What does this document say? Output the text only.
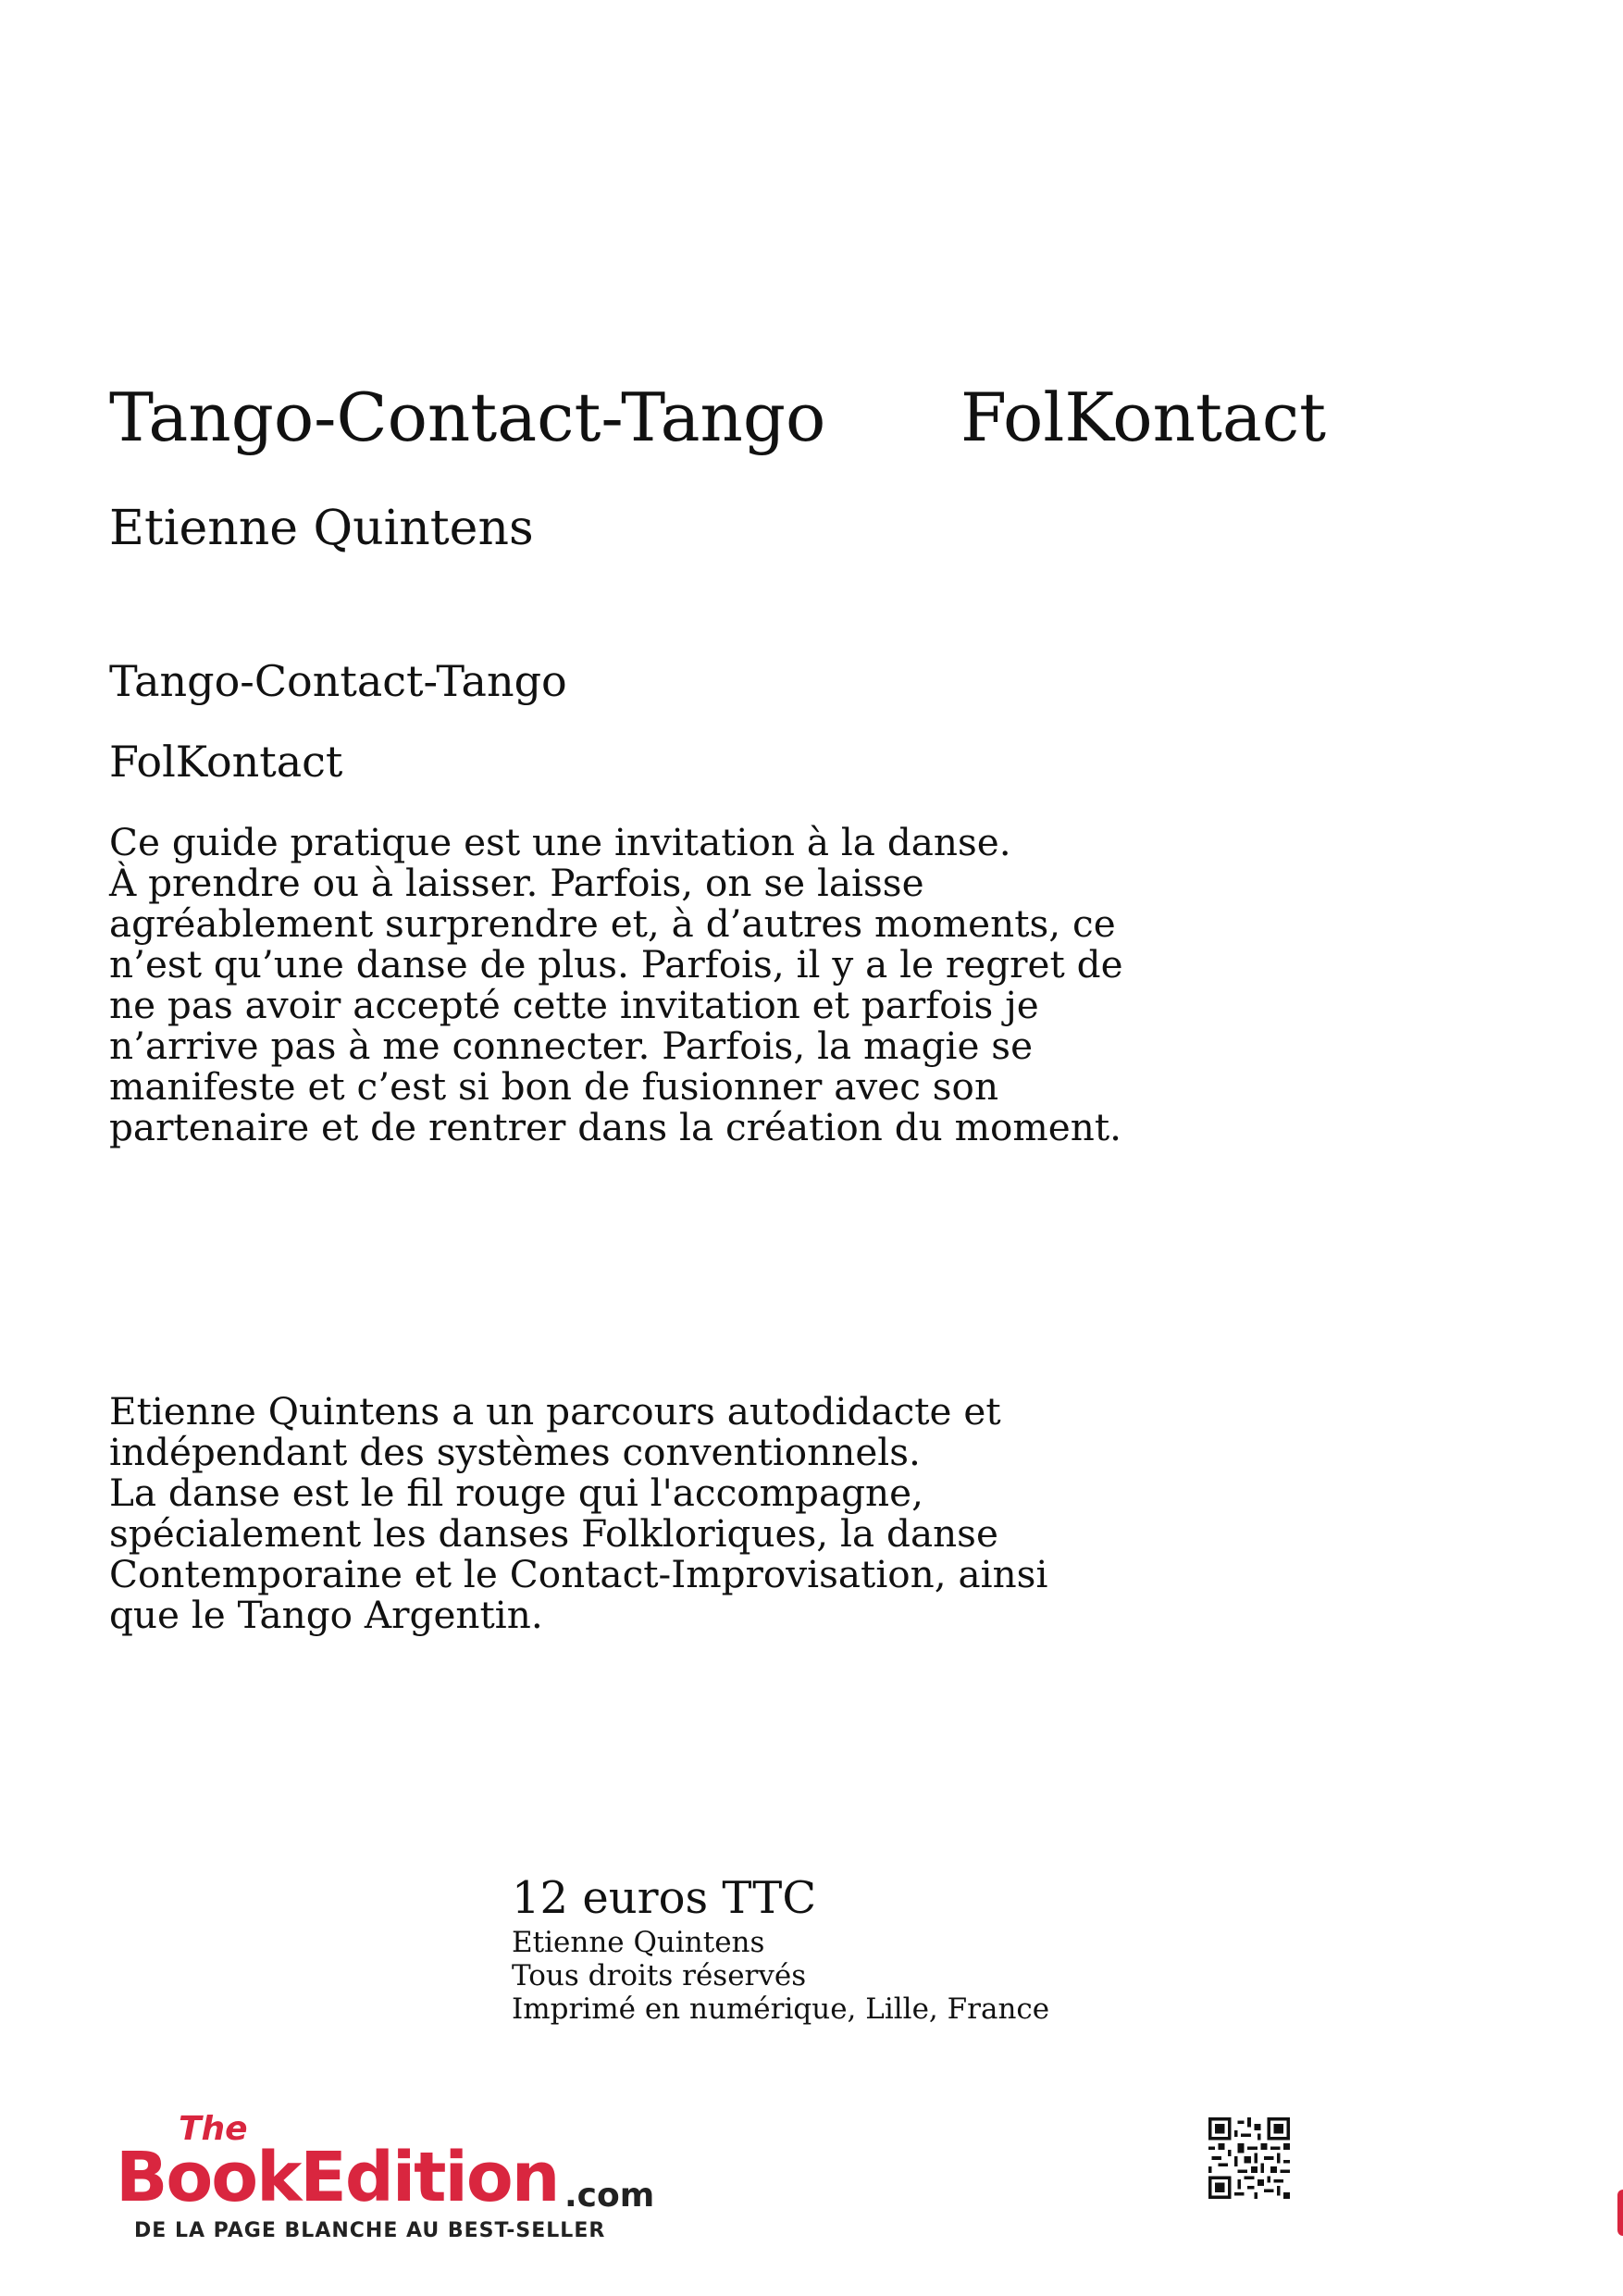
Tango-Contact-Tango FolKontact
Etienne Quintens
Tango-Contact-Tango
FolKontact
Ce guide pratique est une invitation à la danse.
À prendre ou à laisser. Parfois, on se laisse
agréablement surprendre et, à d’autres moments, ce
n’est qu’une danse de plus. Parfois, il y a le regret de
ne pas avoir accepté cette invitation et parfois je
n’arrive pas à me connecter. Parfois, la magie se
manifeste et c’est si bon de fusionner avec son
partenaire et de rentrer dans la création du moment.
Etienne Quintens a un parcours autodidacte et
indépendant des systèmes conventionnels.
La danse est le fil rouge qui l'accompagne,
spécialement les danses Folkloriques, la danse
Contemporaine et le Contact-Improvisation, ainsi
que le Tango Argentin.
12 euros TTC
Etienne Quintens
Tous droits réservés
Imprimé en numérique, Lille, France
The
BookEdition .com
DE LA PAGE BLANCHE AU BEST-SELLER
